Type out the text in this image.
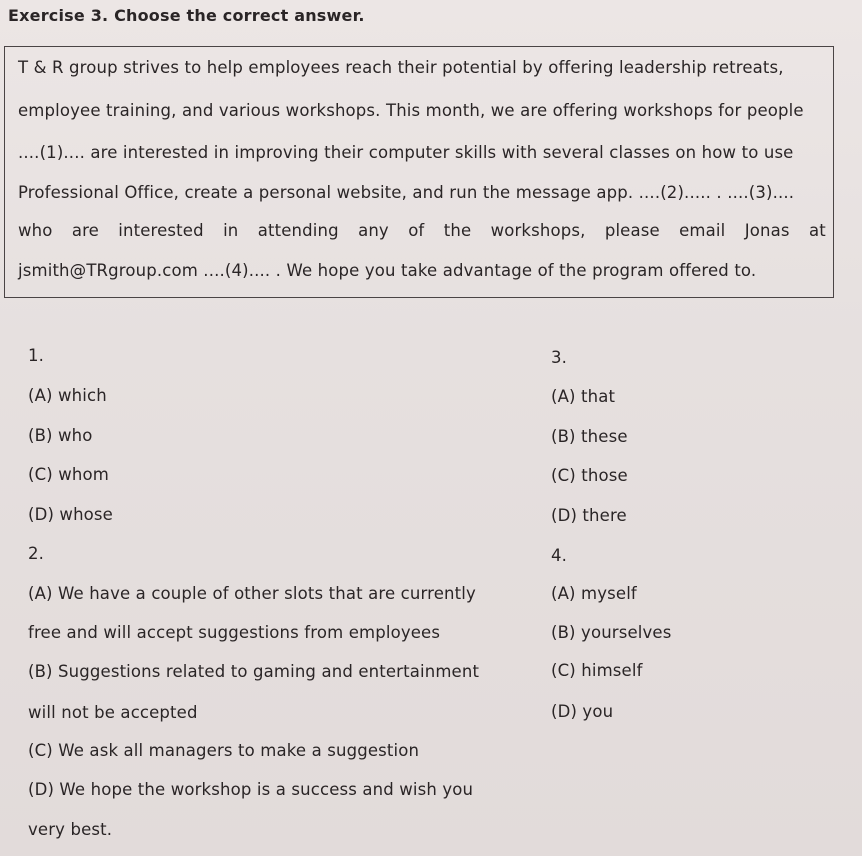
Exercise 3. Choose the correct answer.
T & R group strives to help employees reach their potential by offering leadership retreats,
employee training, and various workshops. This month, we are offering workshops for people
....(1).... are interested in improving their computer skills with several classes on how to use
Professional Office, create a personal website, and run the message app. ....(2)..... . ....(3)....
who are interested in attending any of the workshops, please email Jonas at
jsmith@TRgroup.com ....(4).... . We hope you take advantage of the program offered to.
1.
(A) which
(B) who
(C) whom
(D) whose
2.
(A) We have a couple of other slots that are currently
free and will accept suggestions from employees
(B) Suggestions related to gaming and entertainment
will not be accepted
(C) We ask all managers to make a suggestion
(D) We hope the workshop is a success and wish you
very best.
3.
(A) that
(B) these
(C) those
(D) there
4.
(A) myself
(B) yourselves
(C) himself
(D) you
